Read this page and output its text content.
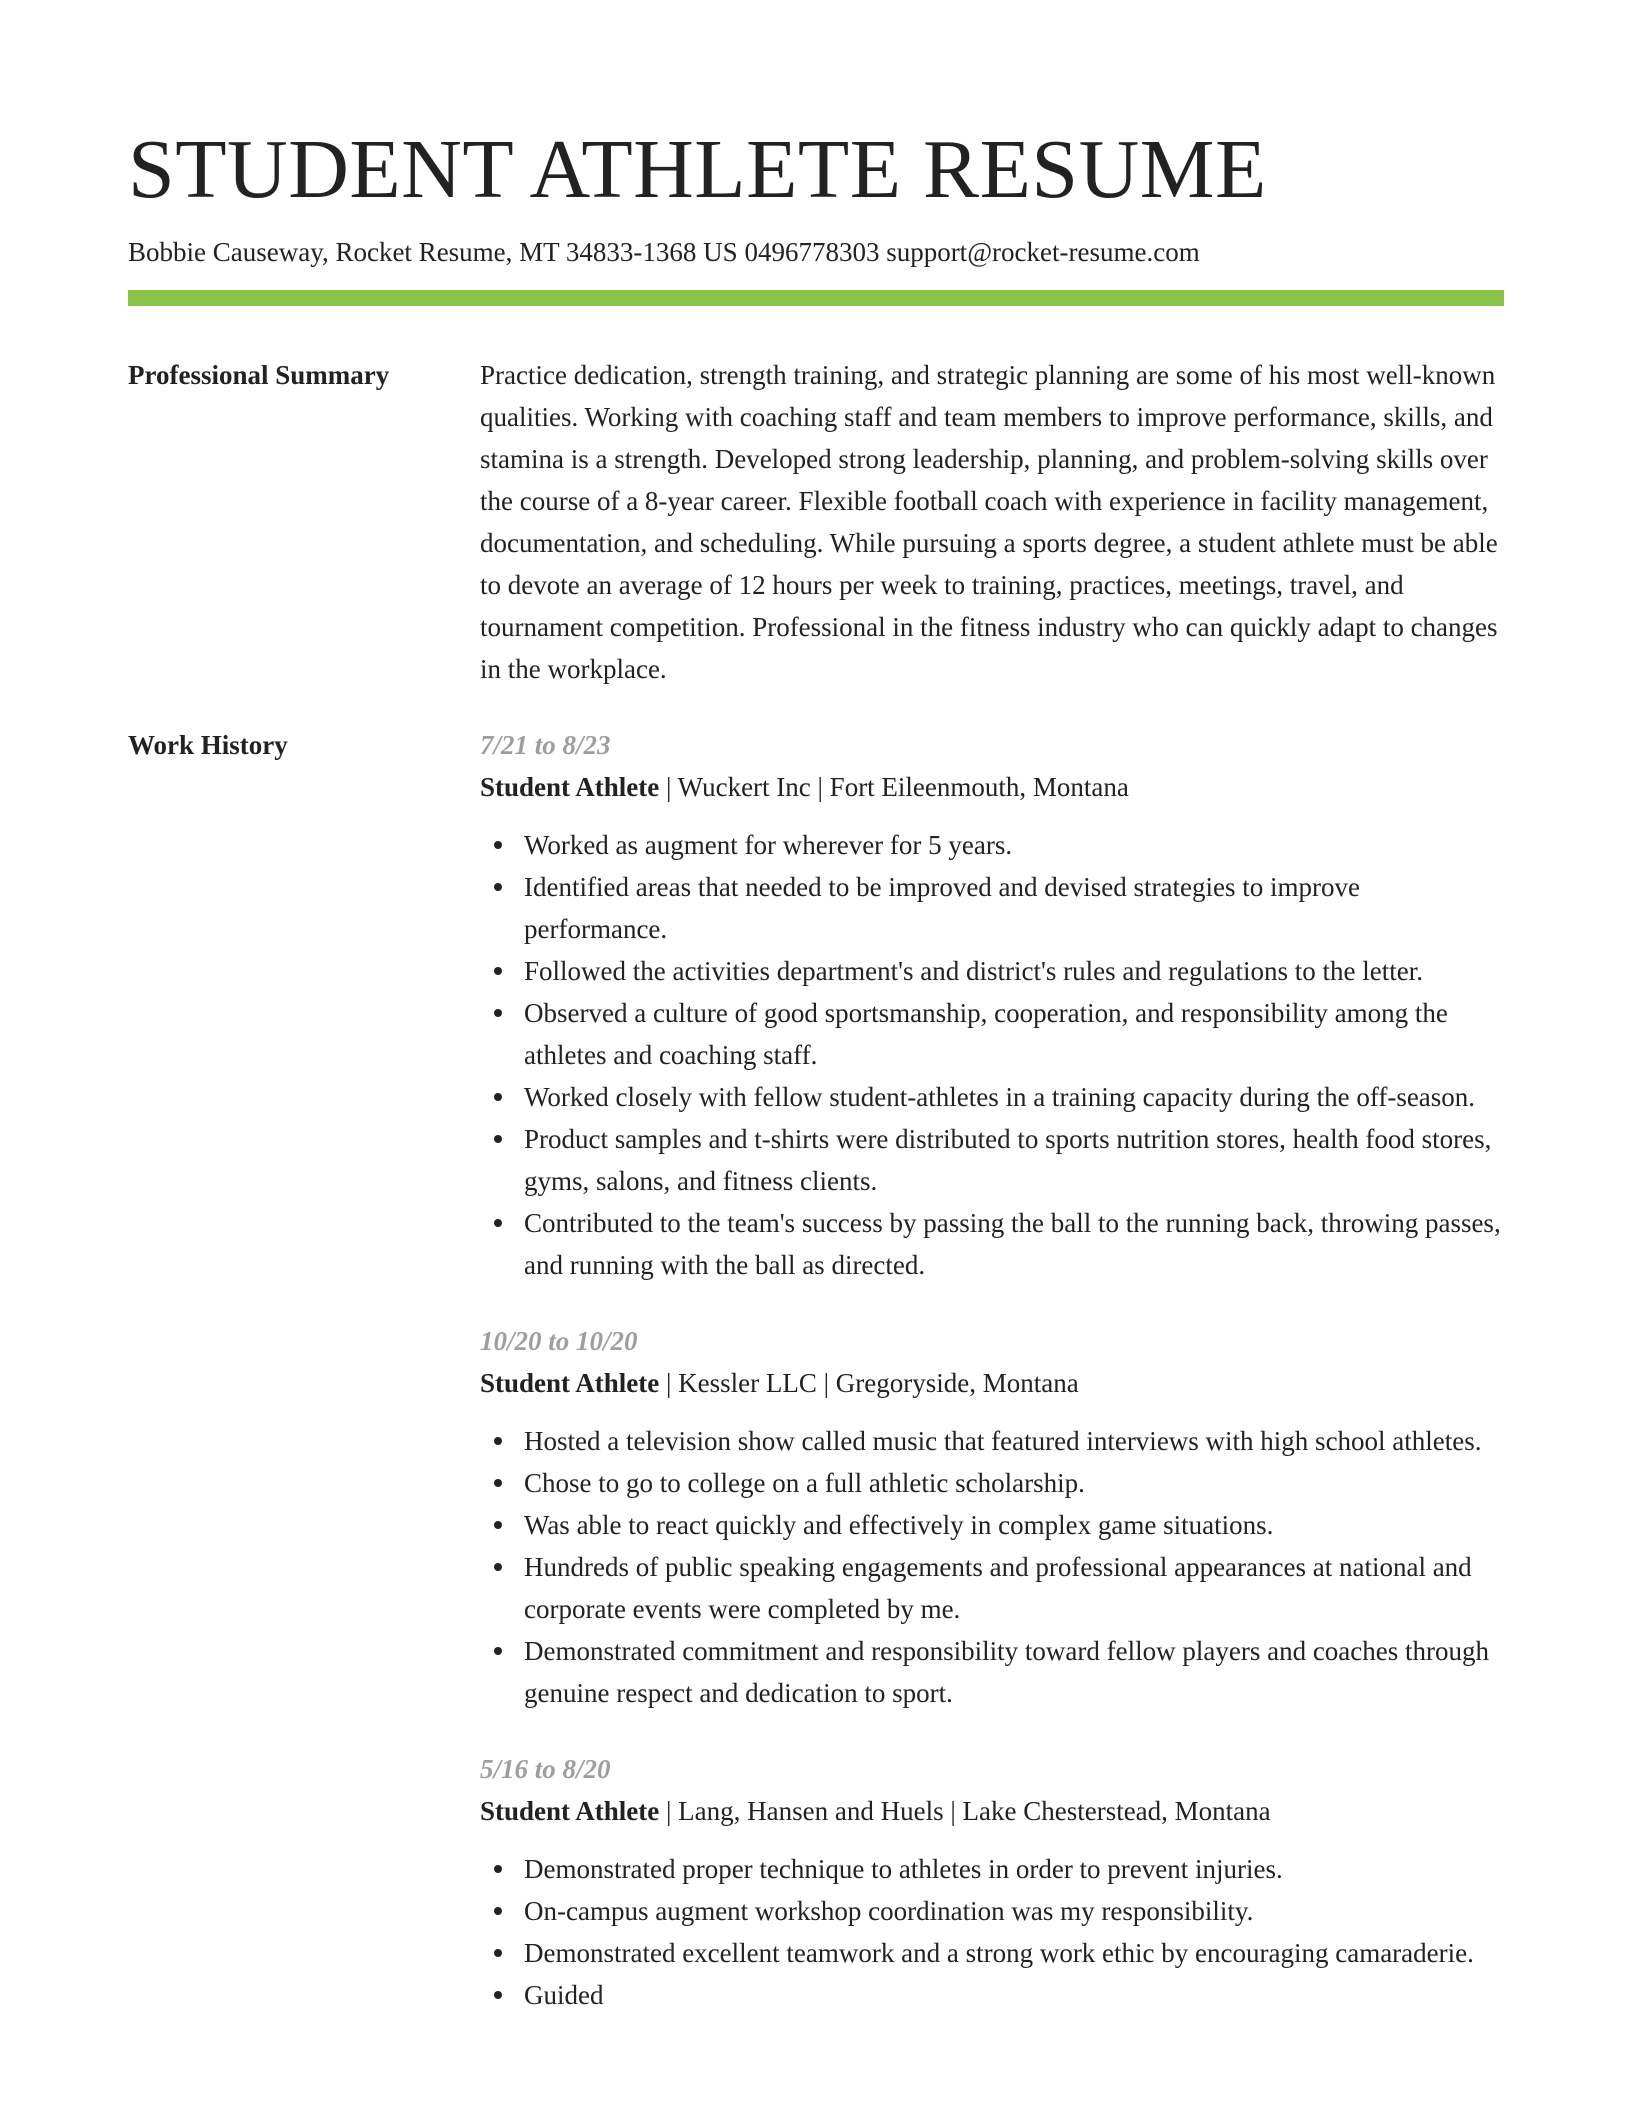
STUDENT ATHLETE RESUME
Bobbie Causeway, Rocket Resume, MT 34833-1368 US 0496778303 support@rocket-resume.com
Professional Summary	Practice dedication, strength training, and strategic planning are some of his most well-known qualities. Working with coaching staff and team members to improve performance, skills, and stamina is a strength. Developed strong leadership, planning, and problem-solving skills over the course of a 8-year career. Flexible football coach with experience in facility management, documentation, and scheduling. While pursuing a sports degree, a student athlete must be able to devote an average of 12 hours per week to training, practices, meetings, travel, and tournament competition. Professional in the fitness industry who can quickly adapt to changes in the workplace.

Work History	7/21 to 8/23
Student Athlete | Wuckert Inc | Fort Eileenmouth, Montana
Worked as augment for wherever for 5 years.
Identified areas that needed to be improved and devised strategies to improve performance.
Followed the activities department's and district's rules and regulations to the letter.
Observed a culture of good sportsmanship, cooperation, and responsibility among the athletes and coaching staff.
Worked closely with fellow student-athletes in a training capacity during the off-season.
Product samples and t-shirts were distributed to sports nutrition stores, health food stores, gyms, salons, and fitness clients.
Contributed to the team's success by passing the ball to the running back, throwing passes, and running with the ball as directed.
10/20 to 10/20
Student Athlete | Kessler LLC | Gregoryside, Montana
Hosted a television show called music that featured interviews with high school athletes.
Chose to go to college on a full athletic scholarship.
Was able to react quickly and effectively in complex game situations.
Hundreds of public speaking engagements and professional appearances at national and corporate events were completed by me.
Demonstrated commitment and responsibility toward fellow players and coaches through genuine respect and dedication to sport.
5/16 to 8/20
Student Athlete | Lang, Hansen and Huels | Lake Chesterstead, Montana
Demonstrated proper technique to athletes in order to prevent injuries.
On-campus augment workshop coordination was my responsibility.
Demonstrated excellent teamwork and a strong work ethic by encouraging camaraderie.
Guided
